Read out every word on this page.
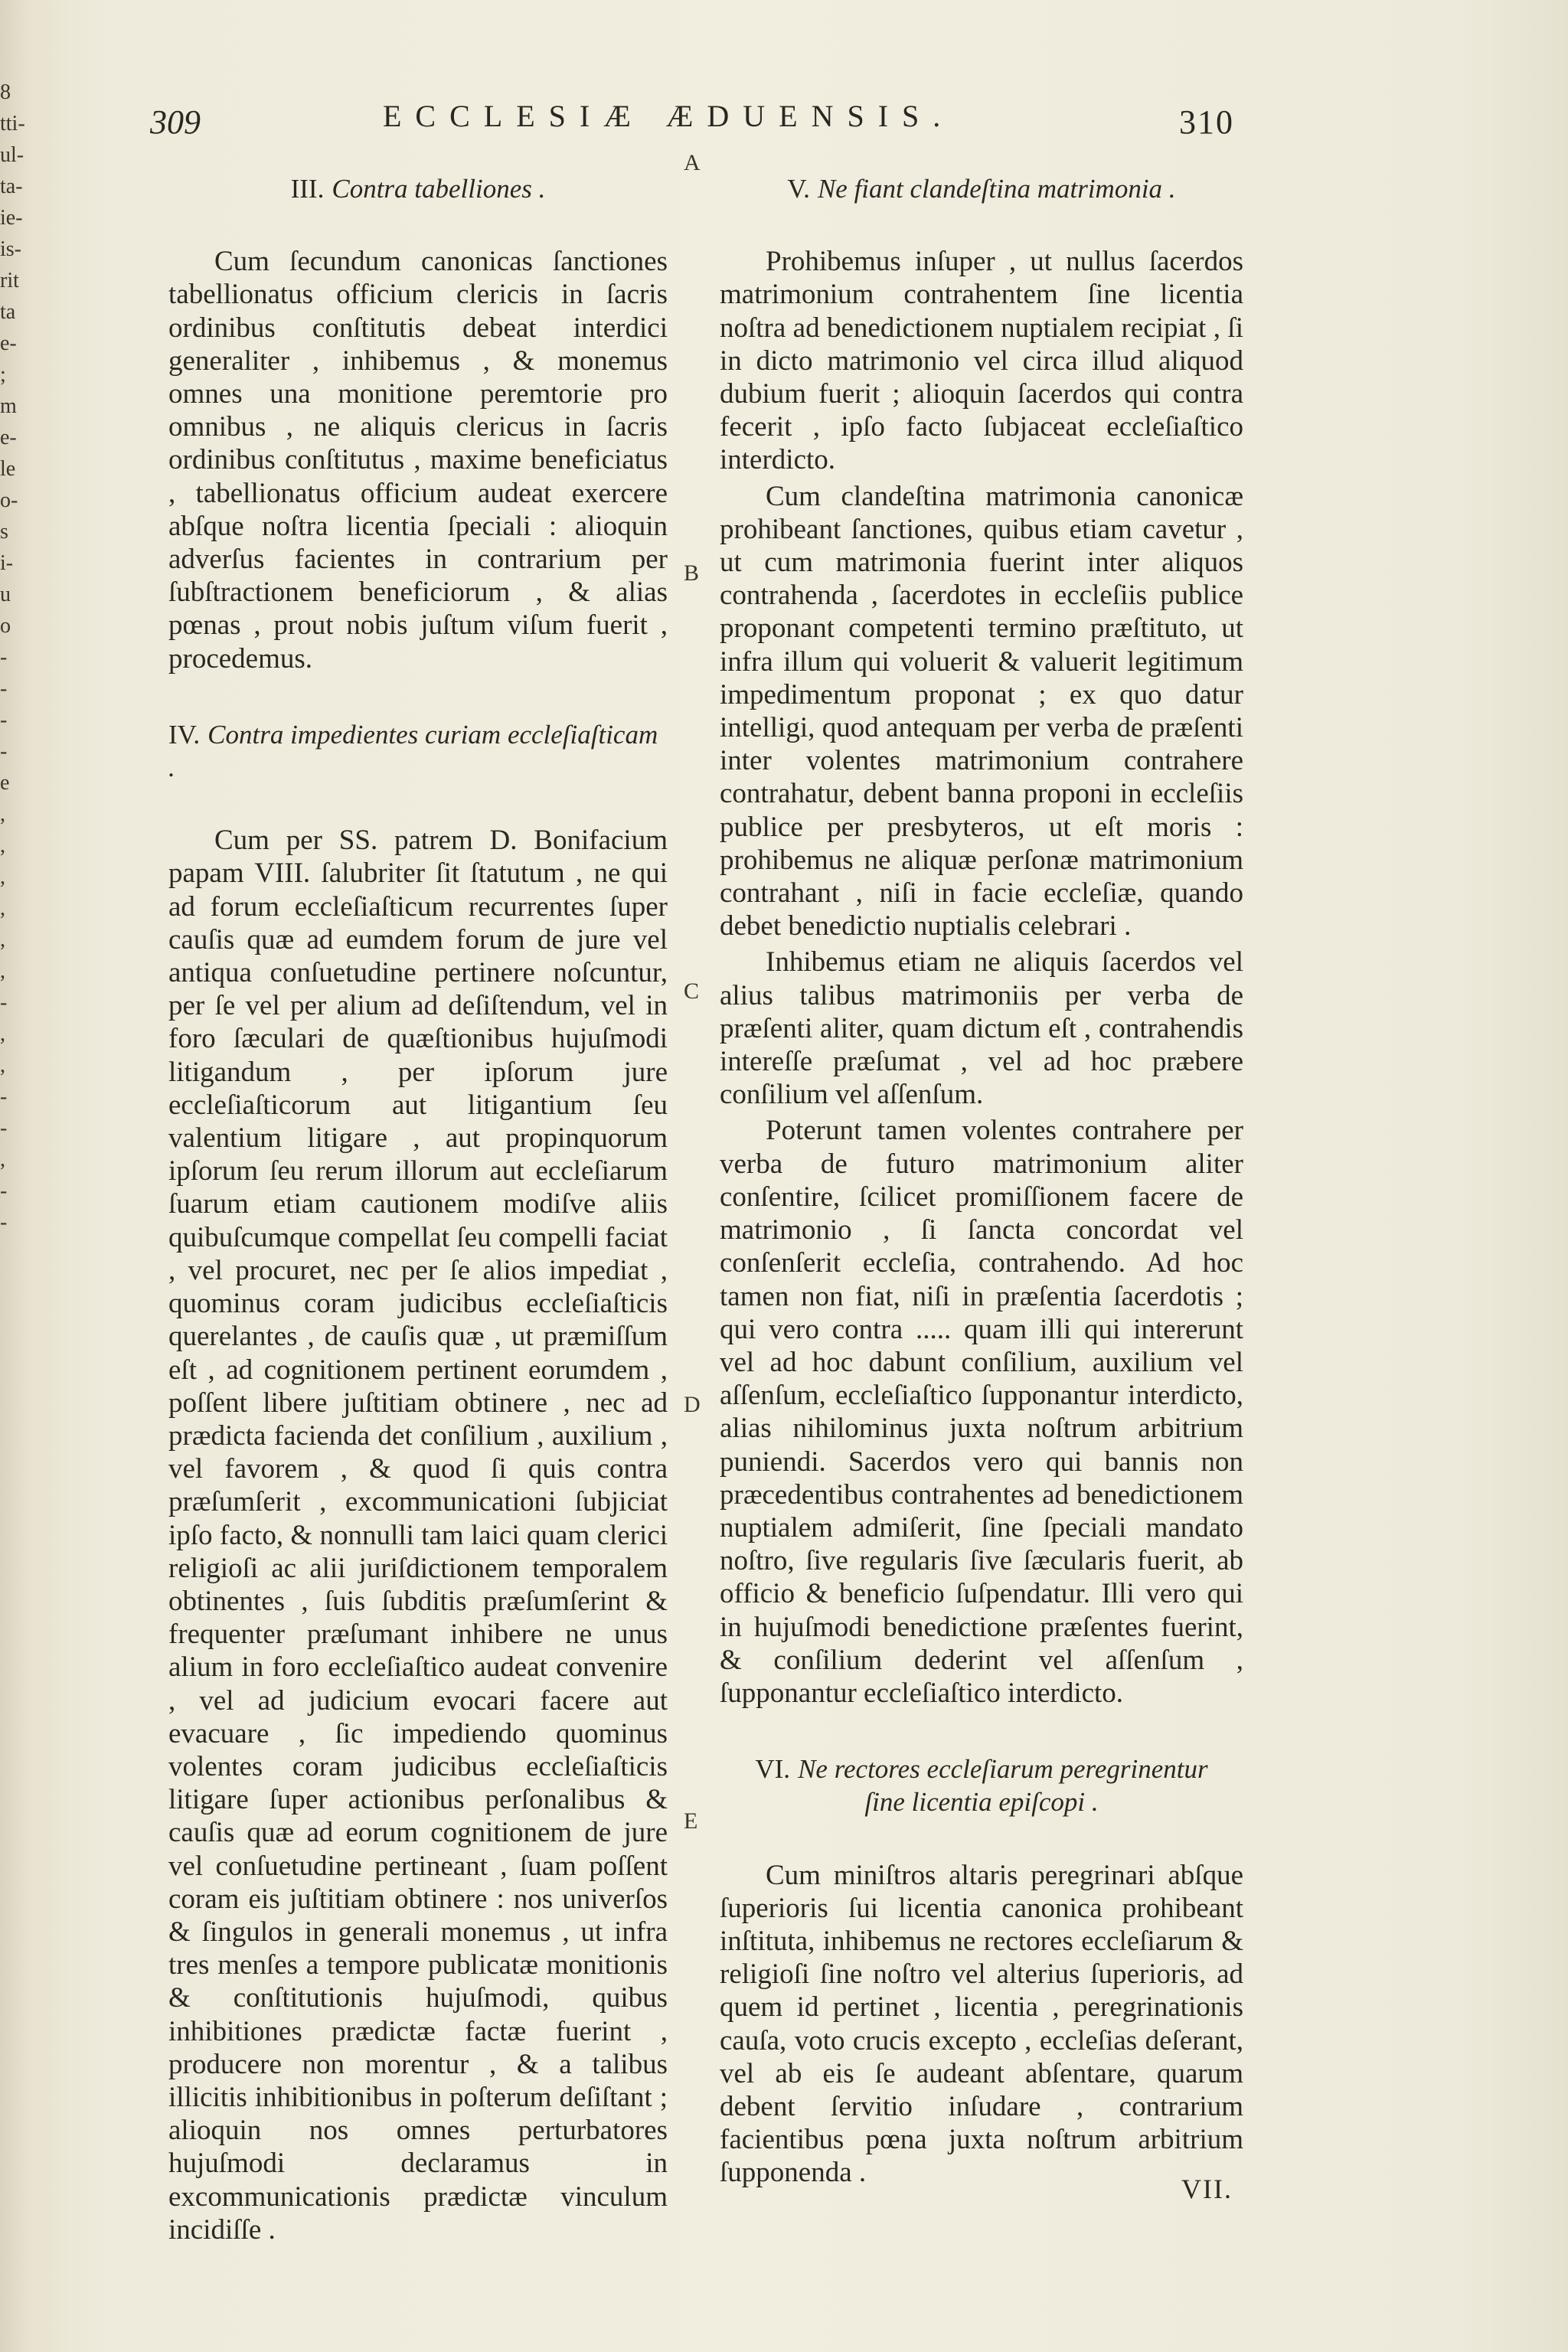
8
tti-
ul-
ta-
ie-
is-
rit
ta
e-
;
m
e-
le
o-
s
i-
u
o
-
-
-
-
e
,
,
,
,
,
,
-
,
,
-
-
,
-
-
309	ECCLESIÆ ÆDUENSIS.	310
A
B
C
D
E
III. Contra tabelliones .

Cum ſecundum canonicas ſanctiones tabellionatus officium clericis in ſacris ordinibus conſtitutis debeat interdici generaliter , inhibemus , & monemus omnes una monitione peremtorie pro omnibus , ne aliquis clericus in ſacris ordinibus conſtitutus , maxime beneficiatus , tabellionatus officium audeat exercere abſque noſtra licentia ſpeciali : alioquin adverſus facientes in contrarium per ſubſtractionem beneficiorum , & alias pœnas , prout nobis juſtum viſum fuerit , procedemus.

IV. Contra impedientes curiam eccleſiaſticam .

Cum per SS. patrem D. Bonifacium papam VIII. ſalubriter ſit ſtatutum , ne qui ad forum eccleſiaſticum recurrentes ſuper cauſis quæ ad eumdem forum de jure vel antiqua conſuetudine pertinere noſcuntur, per ſe vel per alium ad deſiſtendum, vel in foro ſæculari de quæſtionibus hujuſmodi litigandum , per ipſorum jure eccleſiaſticorum aut litigantium ſeu valentium litigare , aut propinquorum ipſorum ſeu rerum illorum aut eccleſiarum ſuarum etiam cautionem modiſve aliis quibuſcumque compellat ſeu compelli faciat , vel procuret, nec per ſe alios impediat , quominus coram judicibus eccleſiaſticis querelantes , de cauſis quæ , ut præmiſſum eſt , ad cognitionem pertinent eorumdem , poſſent libere juſtitiam obtinere , nec ad prædicta facienda det conſilium , auxilium , vel favorem , & quod ſi quis contra præſumſerit , excommunicationi ſubjiciat ipſo facto, & nonnulli tam laici quam clerici religioſi ac alii juriſdictionem temporalem obtinentes , ſuis ſubditis præſumſerint & frequenter præſumant inhibere ne unus alium in foro eccleſiaſtico audeat convenire , vel ad judicium evocari facere aut evacuare , ſic impediendo quominus volentes coram judicibus eccleſiaſticis litigare ſuper actionibus perſonalibus & cauſis quæ ad eorum cognitionem de jure vel conſuetudine pertineant , ſuam poſſent coram eis juſtitiam obtinere : nos univerſos & ſingulos in generali monemus , ut infra tres menſes a tempore publicatæ monitionis & conſtitutionis hujuſmodi, quibus inhibitiones prædictæ factæ fuerint , producere non morentur , & a talibus illicitis inhibitionibus in poſterum deſiſtant ; alioquin nos omnes perturbatores hujuſmodi declaramus in excommunicationis prædictæ vinculum incidiſſe .

V. Ne fiant clandeſtina matrimonia .

Prohibemus inſuper , ut nullus ſacerdos matrimonium contrahentem ſine licentia noſtra ad benedictionem nuptialem recipiat , ſi in dicto matrimonio vel circa illud aliquod dubium fuerit ; alioquin ſacerdos qui contra fecerit , ipſo facto ſubjaceat eccleſiaſtico interdicto.

Cum clandeſtina matrimonia canonicæ prohibeant ſanctiones, quibus etiam cavetur , ut cum matrimonia fuerint inter aliquos contrahenda , ſacerdotes in eccleſiis publice proponant competenti termino præſtituto, ut infra illum qui voluerit & valuerit legitimum impedimentum proponat ; ex quo datur intelligi, quod antequam per verba de præſenti inter volentes matrimonium contrahere contrahatur, debent banna proponi in eccleſiis publice per presbyteros, ut eſt moris : prohibemus ne aliquæ perſonæ matrimonium contrahant , niſi in facie eccleſiæ, quando debet benedictio nuptialis celebrari .

Inhibemus etiam ne aliquis ſacerdos vel alius talibus matrimoniis per verba de præſenti aliter, quam dictum eſt , contrahendis intereſſe præſumat , vel ad hoc præbere conſilium vel aſſenſum.

Poterunt tamen volentes contrahere per verba de futuro matrimonium aliter conſentire, ſcilicet promiſſionem facere de matrimonio , ſi ſancta concordat vel conſenſerit eccleſia, contrahendo. Ad hoc tamen non fiat, niſi in præſentia ſacerdotis ; qui vero contra ..... quam illi qui intererunt vel ad hoc dabunt conſilium, auxilium vel aſſenſum, eccleſiaſtico ſupponantur interdicto, alias nihilominus juxta noſtrum arbitrium puniendi. Sacerdos vero qui bannis non præcedentibus contrahentes ad benedictionem nuptialem admiſerit, ſine ſpeciali mandato noſtro, ſive regularis ſive ſæcularis fuerit, ab officio & beneficio ſuſpendatur. Illi vero qui in hujuſmodi benedictione præſentes fuerint, & conſilium dederint vel aſſenſum , ſupponantur eccleſiaſtico interdicto.

VI. Ne rectores eccleſiarum peregrinentur ſine licentia epiſcopi .

Cum miniſtros altaris peregrinari abſque ſuperioris ſui licentia canonica prohibeant inſtituta, inhibemus ne rectores eccleſiarum & religioſi ſine noſtro vel alterius ſuperioris, ad quem id pertinet , licentia , peregrinationis cauſa, voto crucis excepto , eccleſias deſerant, vel ab eis ſe audeant abſentare, quarum debent ſervitio inſudare , contrarium facientibus pœna juxta noſtrum arbitrium ſupponenda .

VII.
